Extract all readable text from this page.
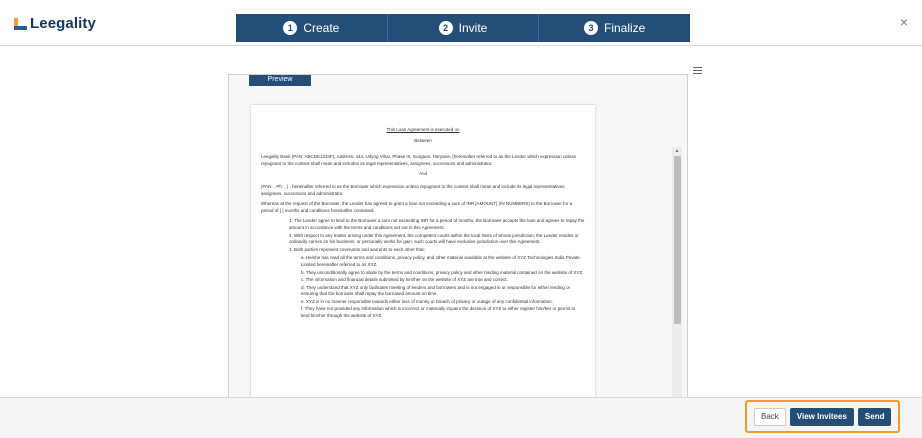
Leegality	1 Create	2 Invite	3 Finalize	×
Preview

This Loan Agreement is executed on

Between

Leegality Bank (PAN: ABCDE1234F), Address: 444, Udyog Vihar, Phase III, Gurgaon, Haryana, (hereinafter referred to as the Lender which expression unless repugnant to the context shall mean and includes its legal representatives, assignees, successors and administrator.

And

(PAN: , Ph: , ) , hereinafter referred to as the Borrower which expression unless repugnant to the context shall mean and include its legal representatives, assignees, successors and administrator.

Whereas at the request of the Borrower, the Lender has agreed to grant a loan not exceeding a sum of INR [AMOUNT] (IN NUMBERS) to the Borrower for a period of [ ] months and conditions hereinafter contained.

1. The Lender agree to lend to the Borrower a sum not exceeding INR for a period of months, the Borrower accepts the loan and agrees to repay the amount in accordance with the terms and conditions set out in this Agreement.
2. With respect to any matter arising under this Agreement, the competent courts within the local limits of whose jurisdiction, the Lender resides or ordinarily carries on his business, or personally works for gain, such courts will have exclusive jurisdiction over this Agreement.
3. Both parties represent covenants and warrants to each other that:
a. He/she has read all the terms and conditions, privacy policy, and other material available at the website of XYZ Technologies India Private Limited hereinafter referred to as XYZ.
b. They unconditionally agree to abide by the terms and conditions, privacy policy and other binding material contained on the website of XYZ.
c. The information and financial details submitted by him/her on the website of XYZ are true and correct.
d. They understand that XYZ only facilitates meeting of lenders and borrowers and is not engaged in or responsible for either lending or ensuring that the borrower shall repay the borrowed amount on time.
e. XYZ is in no manner responsible towards either loss of money or breach of privacy or outage of any confidential information.
f. They have not provided any information which is incorrect or materially impairs the decision of XYZ to either register him/her or permit to lend him/her through the website of XYZ.
▲
Back	View Invitees	Send
